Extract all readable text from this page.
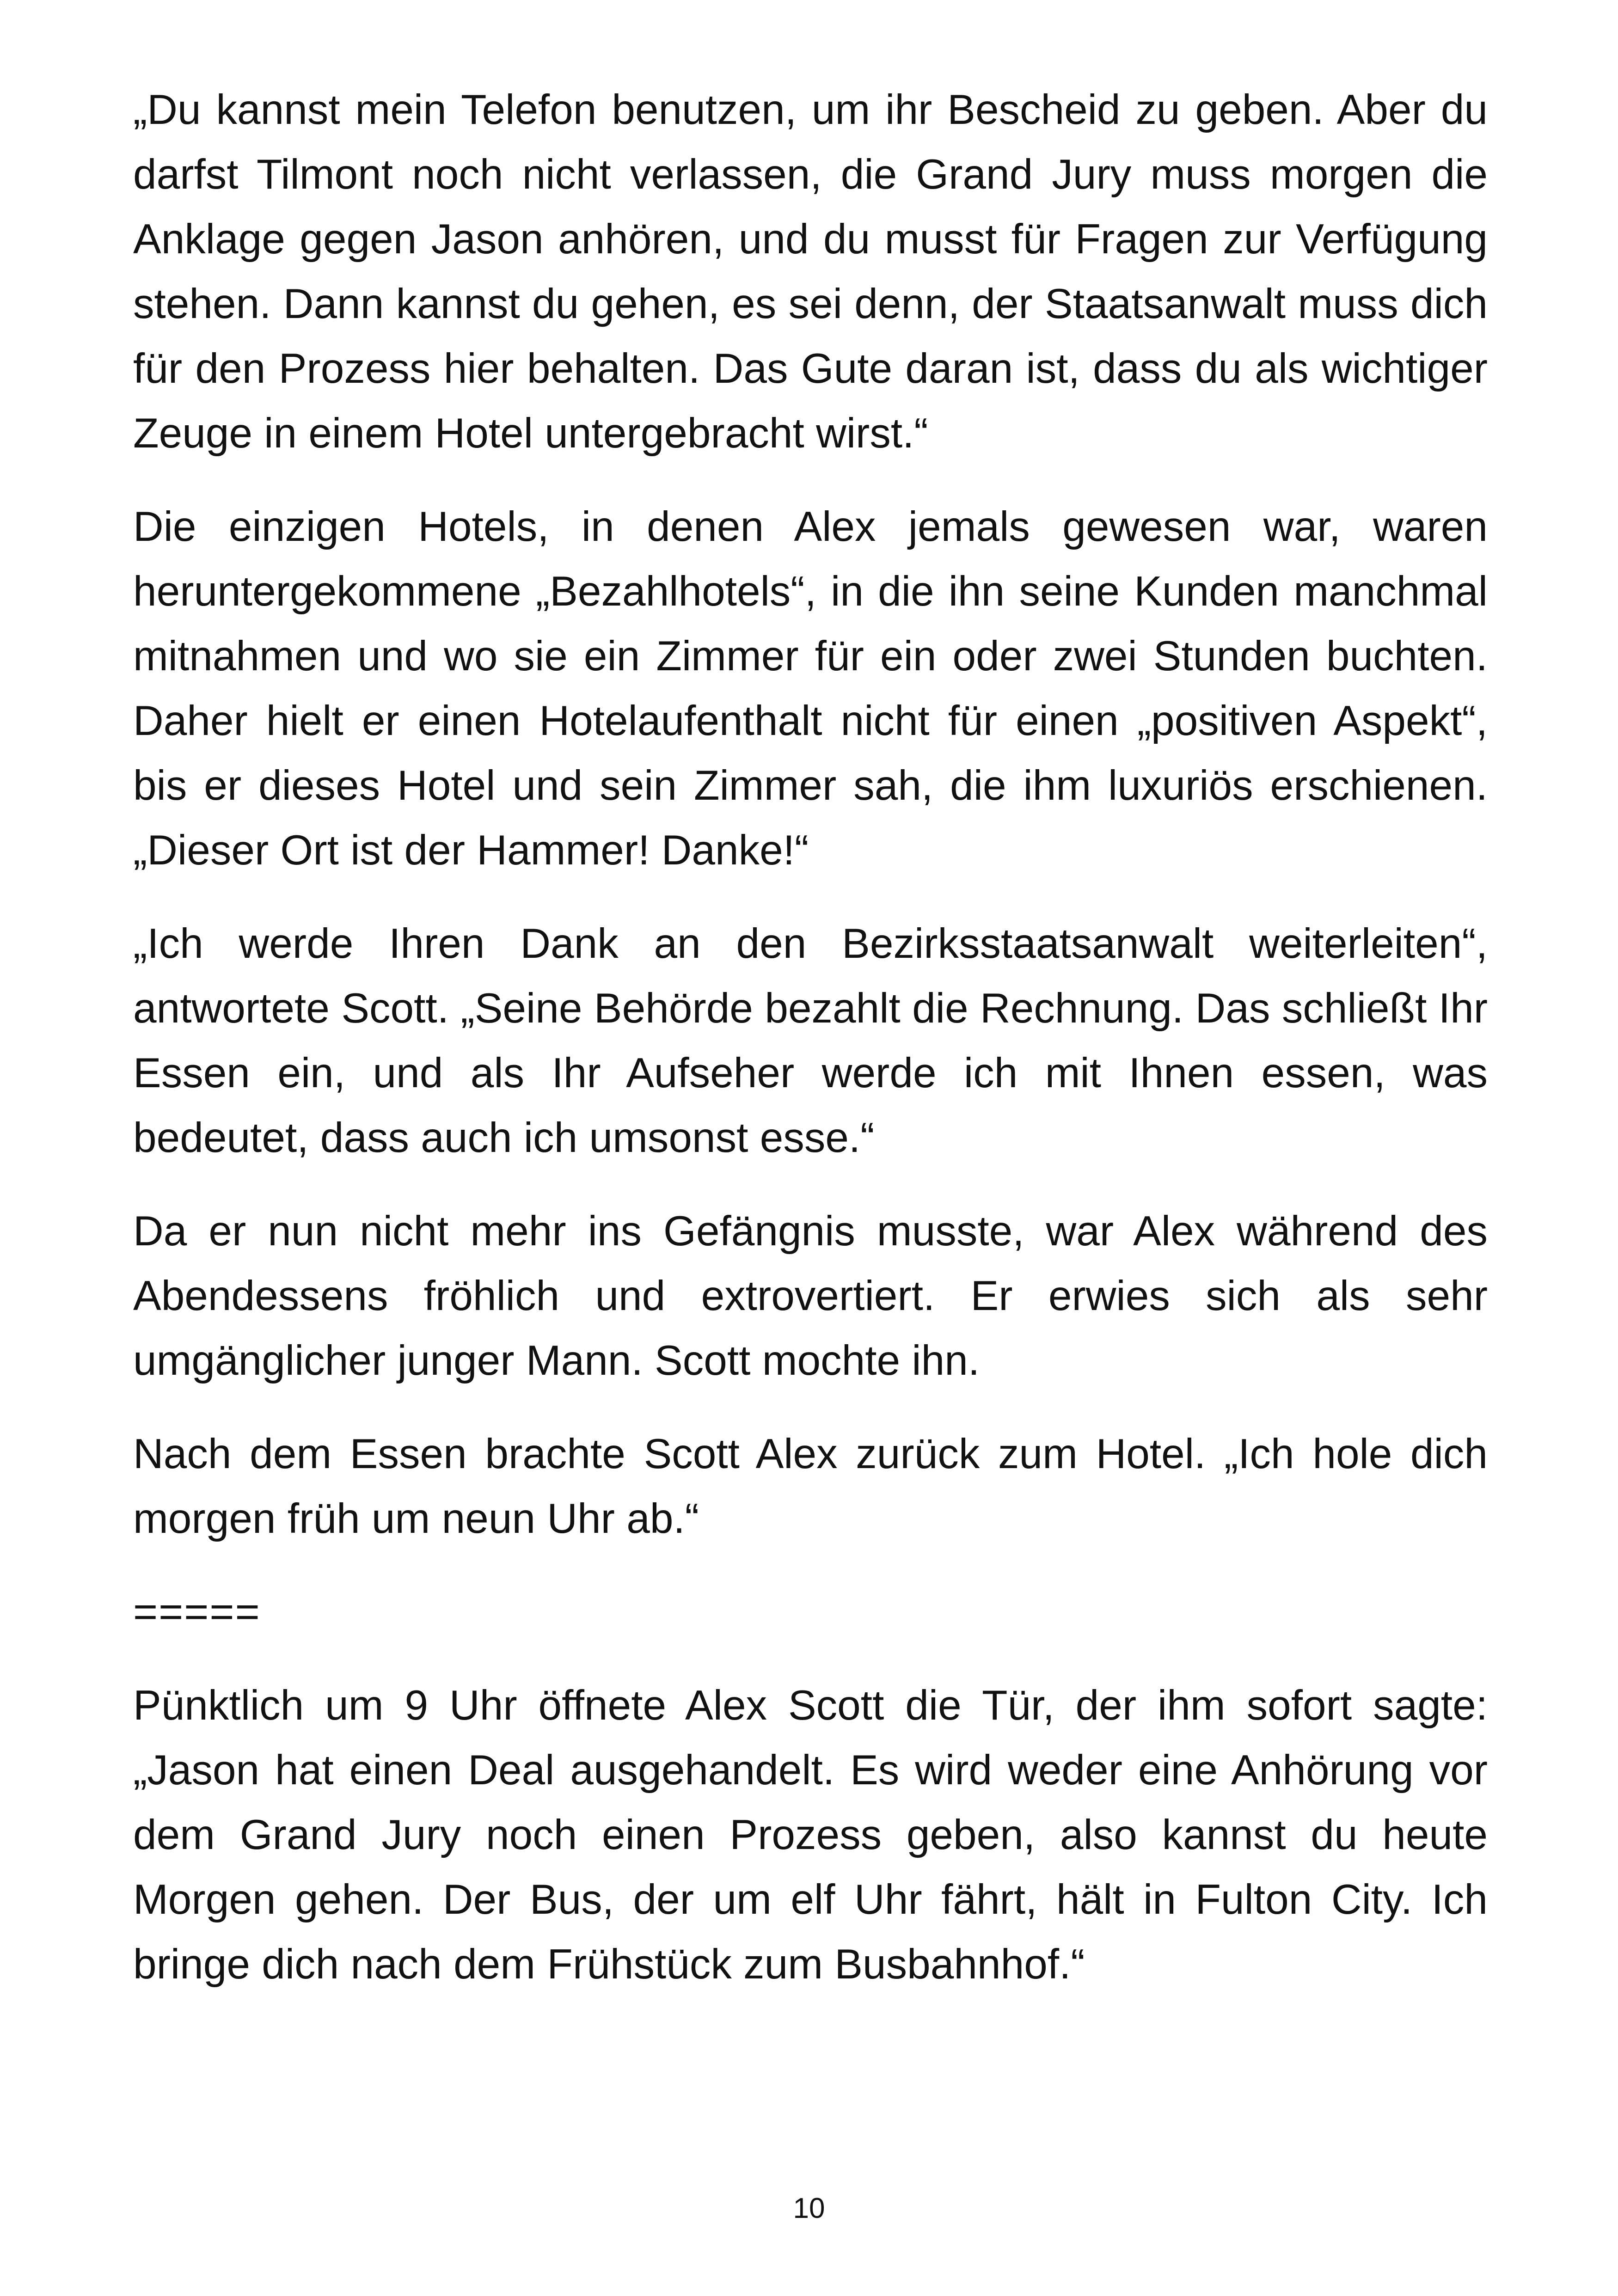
„Du kannst mein Telefon benutzen, um ihr Bescheid zu geben. Aber du darfst Tilmont noch nicht verlassen, die Grand Jury muss morgen die Anklage gegen Jason anhören, und du musst für Fragen zur Verfügung stehen. Dann kannst du gehen, es sei denn, der Staatsanwalt muss dich für den Prozess hier behalten. Das Gute daran ist, dass du als wichtiger Zeuge in einem Hotel untergebracht wirst.“

Die einzigen Hotels, in denen Alex jemals gewesen war, waren heruntergekommene „Bezahlhotels“, in die ihn seine Kunden manchmal mitnahmen und wo sie ein Zimmer für ein oder zwei Stunden buchten. Daher hielt er einen Hotelaufenthalt nicht für einen „positiven Aspekt“, bis er dieses Hotel und sein Zimmer sah, die ihm luxuriös erschienen. „Dieser Ort ist der Hammer! Danke!“

„Ich werde Ihren Dank an den Bezirksstaatsanwalt weiterleiten“, antwortete Scott. „Seine Behörde bezahlt die Rechnung. Das schließt Ihr Essen ein, und als Ihr Aufseher werde ich mit Ihnen essen, was bedeutet, dass auch ich umsonst esse.“

Da er nun nicht mehr ins Gefängnis musste, war Alex während des Abendessens fröhlich und extrovertiert. Er erwies sich als sehr umgänglicher junger Mann. Scott mochte ihn.

Nach dem Essen brachte Scott Alex zurück zum Hotel. „Ich hole dich morgen früh um neun Uhr ab.“

=====

Pünktlich um 9 Uhr öffnete Alex Scott die Tür, der ihm sofort sagte: „Jason hat einen Deal ausgehandelt. Es wird weder eine Anhörung vor dem Grand Jury noch einen Prozess geben, also kannst du heute Morgen gehen. Der Bus, der um elf Uhr fährt, hält in Fulton City. Ich bringe dich nach dem Frühstück zum Busbahnhof.“

10
